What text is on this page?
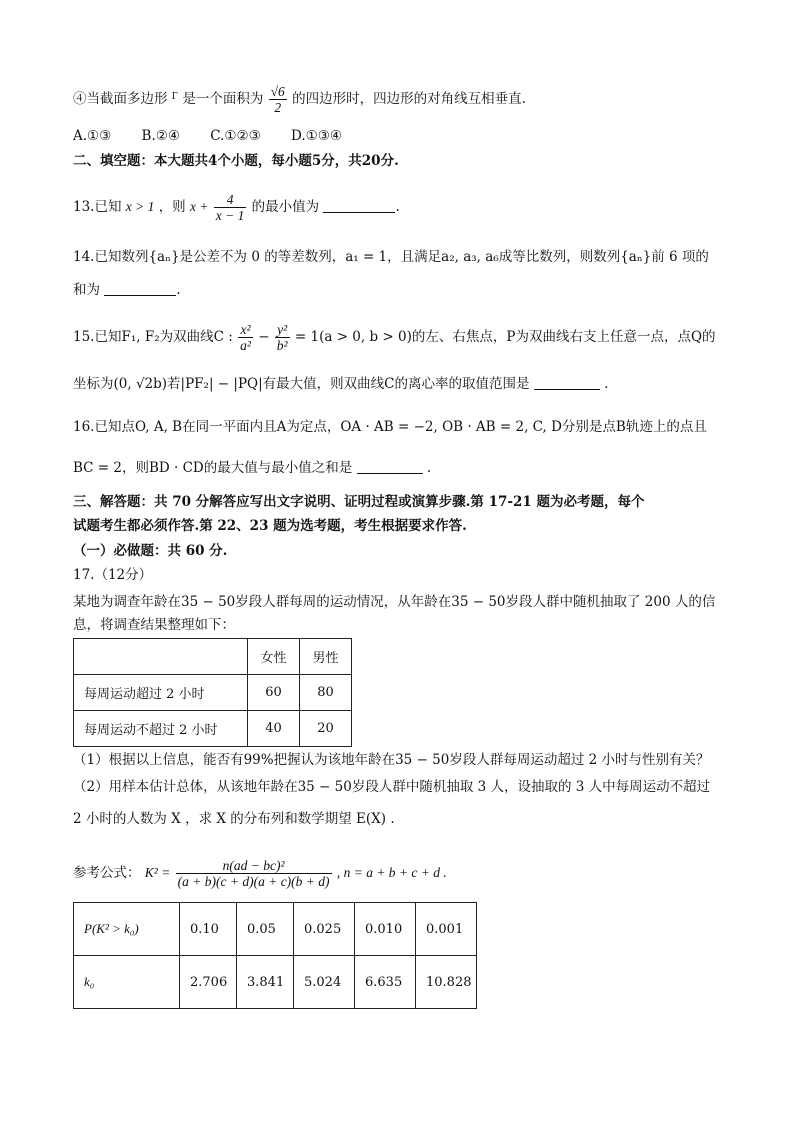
④当截面多边形 $^\Gamma$ 是一个面积为 $\frac{√6}{2}$ 的四边形时，四边形的对角线互相垂直.
A.①③ B.②④ C.①②③ D.①③④
二、填空题：本大题共4个小题，每小题5分，共20分.
13.已知 x > 1 ，则 $x + \frac{4}{x - 1}$ 的最小值为	.
14.已知数列{aₙ}是公差不为 0 的等差数列，a₁ = 1，且满足a₂, a₃, a₆成等比数列，则数列{aₙ}前 6 项的
和为	.
15.已知F₁, F₂为双曲线C : $\frac{\text{x²}}{\text{a²}} - \frac{\text{y²}}{\text{b²}} = 1(a > 0$, b > 0)的左、右焦点，P为双曲线右支上任意一点，点Q的
坐标为(0, √2b)若|PF₂| − |PQ|有最大值，则双曲线C的离心率的取值范围是	.
16.已知点O, A, B在同一平面内且A为定点，OA · AB = −2, OB · AB = 2, C, D分别是点B轨迹上的点且
BC = 2，则BD · CD的最大值与最小值之和是	.
三、解答题：共 70 分解答应写出文字说明、证明过程或演算步骤.第 17-21 题为必考题，每个
试题考生都必须作答.第 22、23 题为选考题，考生根据要求作答.
（一）必做题：共 60 分.
17.（12分）
某地为调查年龄在35 − 50岁段人群每周的运动情况，从年龄在35 − 50岁段人群中随机抽取了 200 人的信
息，将调查结果整理如下：
	女性	男性
每周运动超过 2 小时	60	80
每周运动不超过 2 小时	40	20
（1）根据以上信息，能否有99%把握认为该地年龄在35 − 50岁段人群每周运动超过 2 小时与性别有关？
（2）用样本估计总体，从该地年龄在35 − 50岁段人群中随机抽取 3 人，设抽取的 3 人中每周运动不超过
2 小时的人数为 X ，求 X 的分布列和数学期望 E(X) .
参考公式： $K^2 = \frac{\text{n(ad − bc)²}}{(a + b)(c + d)(a + c)(b + d)}$ , n = a + b + c + d .
P(K² > k₀)	0.10	0.05	0.025	0.010	0.001
k₀	2.706	3.841	5.024	6.635	10.828
